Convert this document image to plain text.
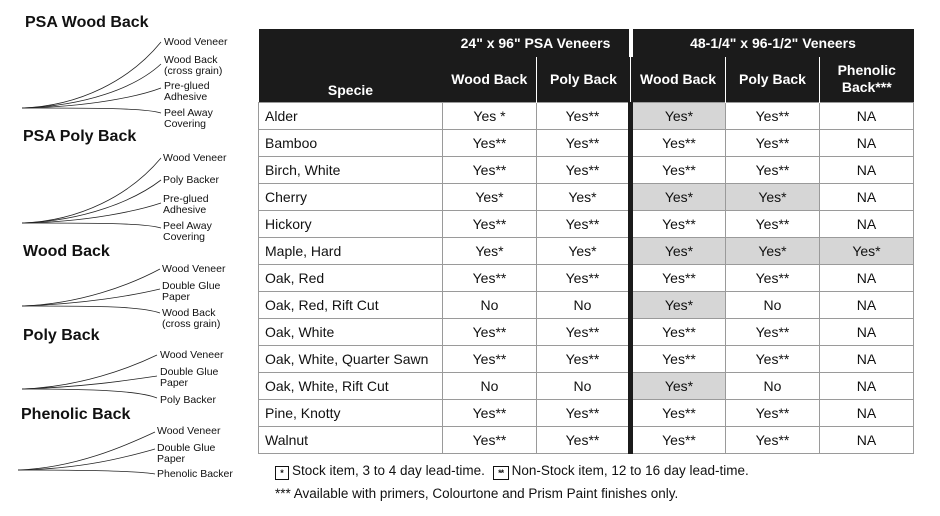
PSA Wood Back
PSA Poly Back
Wood Back
Poly Back
Phenolic Back
Wood Veneer
Wood Back
(cross grain)
Pre-glued
Adhesive
Peel Away
Covering
Wood Veneer
Poly Backer
Pre-glued
Adhesive
Peel Away
Covering
Wood Veneer
Double Glue
Paper
Wood Back
(cross grain)
Wood Veneer
Double Glue
Paper
Poly Backer
Wood Veneer
Double Glue
Paper
Phenolic Backer
Specie	24" x 96" PSA Veneers		48-1/4" x 96-1/2" Veneers		
	Wood Back	Poly Back	Wood Back	Poly Back	Phenolic
Back***
Alder	Yes *	Yes**	Yes*	Yes**	NA
Bamboo	Yes**	Yes**	Yes**	Yes**	NA
Birch, White	Yes**	Yes**	Yes**	Yes**	NA
Cherry	Yes*	Yes*	Yes*	Yes*	NA
Hickory	Yes**	Yes**	Yes**	Yes**	NA
Maple, Hard	Yes*	Yes*	Yes*	Yes*	Yes*
Oak, Red	Yes**	Yes**	Yes**	Yes**	NA
Oak, Red, Rift Cut	No	No	Yes*	No	NA
Oak, White	Yes**	Yes**	Yes**	Yes**	NA
Oak, White, Quarter Sawn	Yes**	Yes**	Yes**	Yes**	NA
Oak, White, Rift Cut	No	No	Yes*	No	NA
Pine, Knotty	Yes**	Yes**	Yes**	Yes**	NA
Walnut	Yes**	Yes**	Yes**	Yes**	NA
* Stock item, 3 to 4 day lead-time. ** Non-Stock item, 12 to 16 day lead-time.
*** Available with primers, Colourtone and Prism Paint finishes only.
